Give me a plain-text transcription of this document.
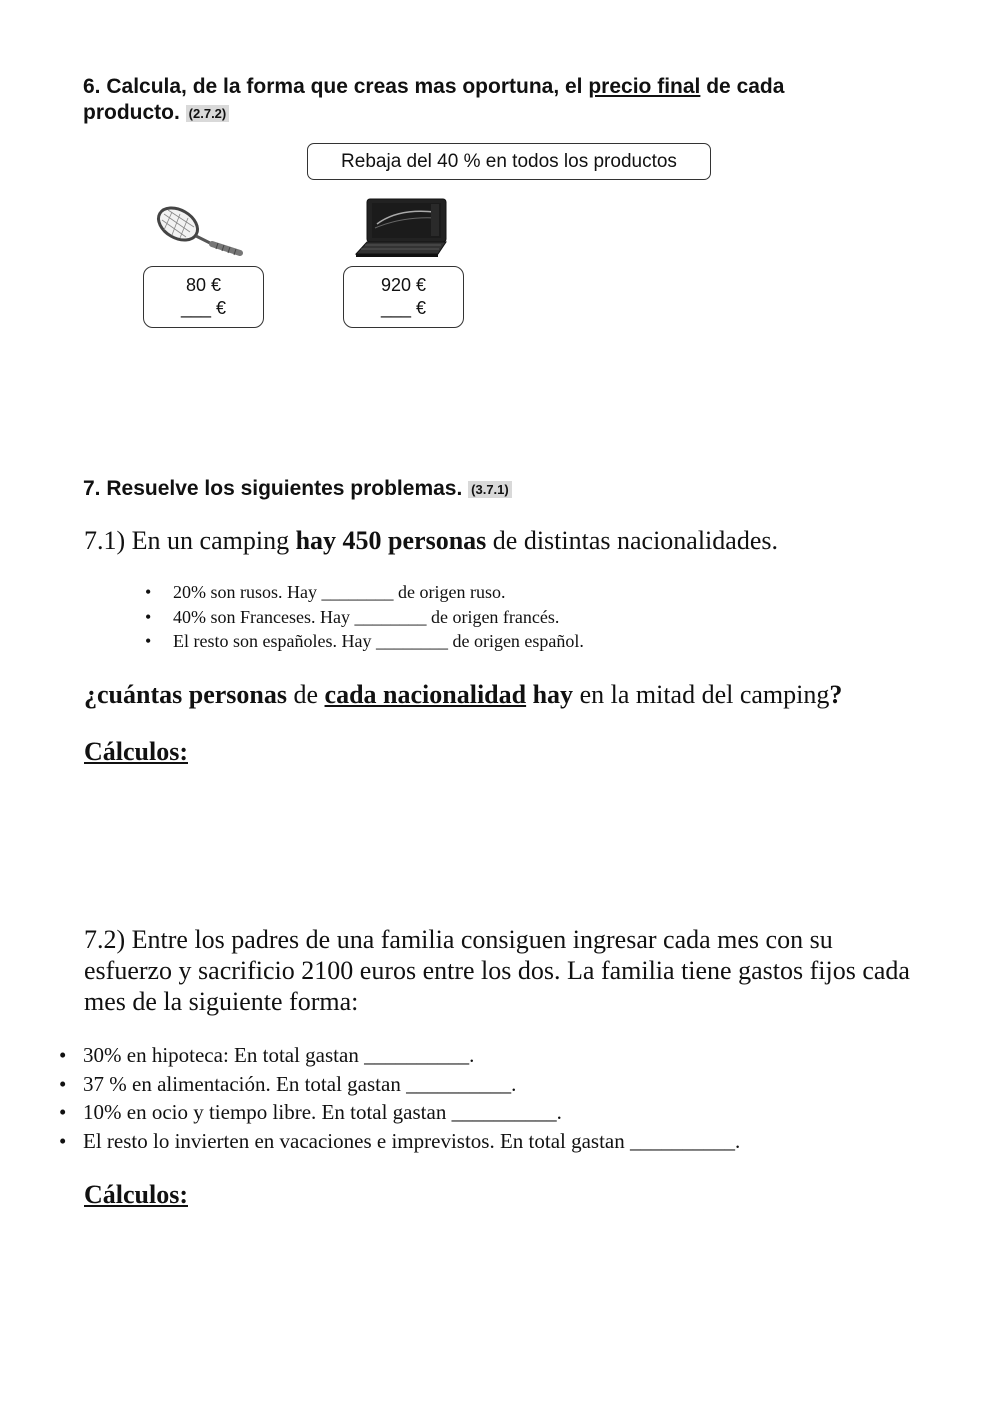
6. Calcula, de la forma que creas mas oportuna, el precio final de cada
producto. (2.7.2)
Rebaja del 40 % en todos los productos
80 €
___ €
920 €
___ €
7. Resuelve los siguientes problemas. (3.7.1)
7.1) En un camping hay 450 personas de distintas nacionalidades.
• 20% son rusos. Hay ________ de origen ruso.
• 40% son Franceses. Hay ________ de origen francés.
• El resto son españoles. Hay ________ de origen español.
¿cuántas personas de cada nacionalidad hay en la mitad del camping?
Cálculos:
7.2) Entre los padres de una familia consiguen ingresar cada mes con su
esfuerzo y sacrificio 2100 euros entre los dos. La familia tiene gastos fijos cada
mes de la siguiente forma:
• 30% en hipoteca: En total gastan __________.
• 37 % en alimentación. En total gastan __________.
• 10% en ocio y tiempo libre. En total gastan __________.
• El resto lo invierten en vacaciones e imprevistos. En total gastan __________.
Cálculos:
